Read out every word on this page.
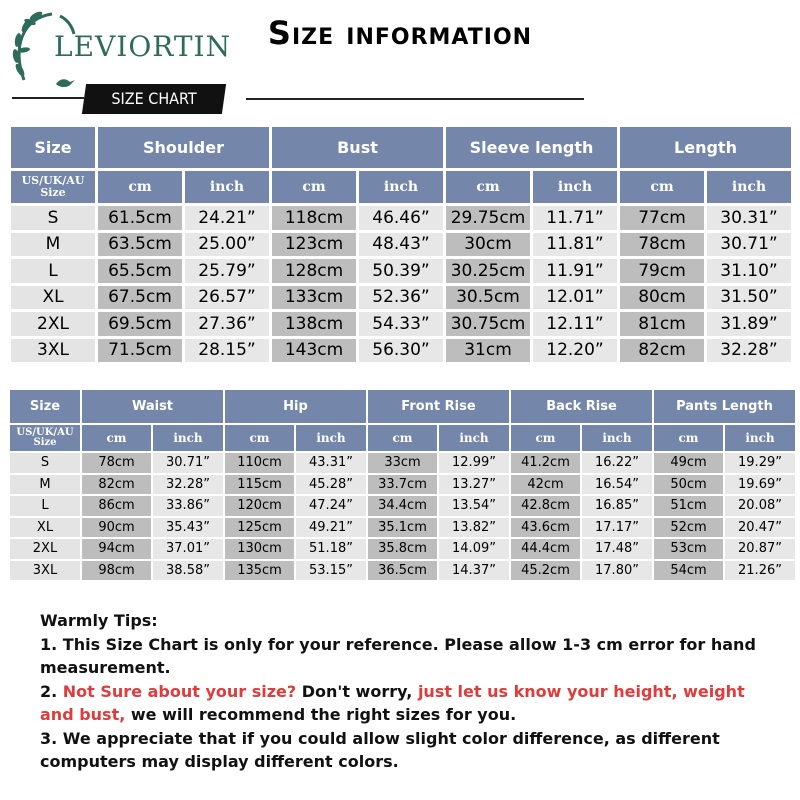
LEVIORTIN	Size information
SIZE CHART
Size	Shoulder		Bust		Sleeve length		Length	

US/UK/AU
Size	cm	inch	cm	inch	cm	inch	cm	inch
S	61.5cm	24.21”	118cm	46.46”	29.75cm	11.71”	77cm	30.31”
M	63.5cm	25.00”	123cm	48.43”	30cm	11.81”	78cm	30.71”
L	65.5cm	25.79”	128cm	50.39”	30.25cm	11.91”	79cm	31.10”
XL	67.5cm	26.57”	133cm	52.36”	30.5cm	12.01”	80cm	31.50”
2XL	69.5cm	27.36”	138cm	54.33”	30.75cm	12.11”	81cm	31.89”
3XL	71.5cm	28.15”	143cm	56.30”	31cm	12.20”	82cm	32.28”
Size	Waist		Hip		Front Rise		Back Rise		Pants Length	

US/UK/AU
Size	cm	inch	cm	inch	cm	inch	cm	inch	cm	inch
S	78cm	30.71”	110cm	43.31”	33cm	12.99”	41.2cm	16.22”	49cm	19.29”
M	82cm	32.28”	115cm	45.28”	33.7cm	13.27”	42cm	16.54”	50cm	19.69”
L	86cm	33.86”	120cm	47.24”	34.4cm	13.54”	42.8cm	16.85”	51cm	20.08”
XL	90cm	35.43”	125cm	49.21”	35.1cm	13.82”	43.6cm	17.17”	52cm	20.47”
2XL	94cm	37.01”	130cm	51.18”	35.8cm	14.09”	44.4cm	17.48”	53cm	20.87”
3XL	98cm	38.58”	135cm	53.15”	36.5cm	14.37”	45.2cm	17.80”	54cm	21.26”

Warmly Tips:

1. This Size Chart is only for your reference. Please allow 1-3 cm error for hand measurement.

2. Not Sure about your size? Don't worry, just let us know your height, weight and bust, we will recommend the right sizes for you.

3. We appreciate that if you could allow slight color difference, as different computers may display different colors.
